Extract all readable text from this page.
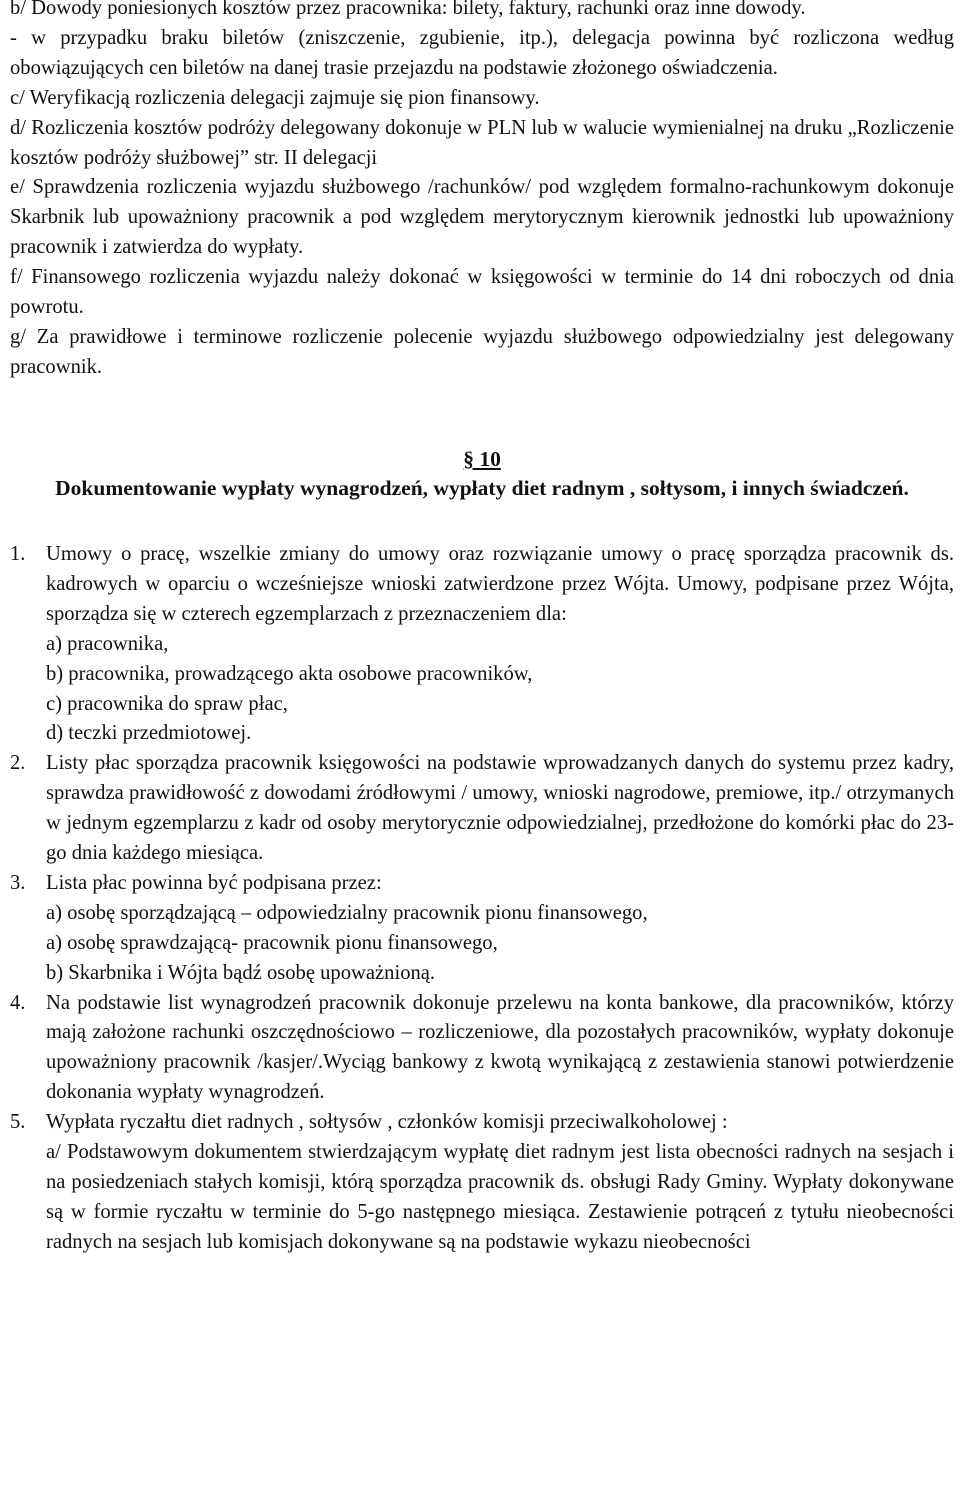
b/ Dowody poniesionych kosztów przez pracownika: bilety, faktury, rachunki oraz inne dowody.

- w przypadku braku biletów (zniszczenie, zgubienie, itp.), delegacja powinna być rozliczona według obowiązujących cen biletów na danej trasie przejazdu na podstawie złożonego oświadczenia.

c/ Weryfikacją rozliczenia delegacji zajmuje się pion finansowy.

d/ Rozliczenia kosztów podróży delegowany dokonuje w PLN lub w walucie wymienialnej na druku „Rozliczenie kosztów podróży służbowej” str. II delegacji

e/ Sprawdzenia rozliczenia wyjazdu służbowego /rachunków/ pod względem formalno-rachunkowym dokonuje Skarbnik lub upoważniony pracownik a pod względem merytorycznym kierownik jednostki lub upoważniony pracownik i zatwierdza do wypłaty.

f/ Finansowego rozliczenia wyjazdu należy dokonać w księgowości w terminie do 14 dni roboczych od dnia powrotu.

g/ Za prawidłowe i terminowe rozliczenie polecenie wyjazdu służbowego odpowiedzialny jest delegowany pracownik.

§ 10

Dokumentowanie wypłaty wynagrodzeń, wypłaty diet radnym , sołtysom, i innych świadczeń.

1. Umowy o pracę, wszelkie zmiany do umowy oraz rozwiązanie umowy o pracę sporządza pracownik ds. kadrowych w oparciu o wcześniejsze wnioski zatwierdzone przez Wójta. Umowy, podpisane przez Wójta, sporządza się w czterech egzemplarzach z przeznaczeniem dla:
a) pracownika,
b) pracownika, prowadzącego akta osobowe pracowników,
c) pracownika do spraw płac,
d) teczki przedmiotowej.
2. Listy płac sporządza pracownik księgowości na podstawie wprowadzanych danych do systemu przez kadry, sprawdza prawidłowość z dowodami źródłowymi / umowy, wnioski nagrodowe, premiowe, itp./ otrzymanych w jednym egzemplarzu z kadr od osoby merytorycznie odpowiedzialnej, przedłożone do komórki płac do 23-go dnia każdego miesiąca.
3. Lista płac powinna być podpisana przez:
a) osobę sporządzającą – odpowiedzialny pracownik pionu finansowego,
a) osobę sprawdzającą- pracownik pionu finansowego,
b) Skarbnika i Wójta bądź osobę upoważnioną.
4. Na podstawie list wynagrodzeń pracownik dokonuje przelewu na konta bankowe, dla pracowników, którzy mają założone rachunki oszczędnościowo – rozliczeniowe, dla pozostałych pracowników, wypłaty dokonuje upoważniony pracownik /kasjer/.Wyciąg bankowy z kwotą wynikającą z zestawienia stanowi potwierdzenie dokonania wypłaty wynagrodzeń.
5. Wypłata ryczałtu diet radnych , sołtysów , członków komisji przeciwalkoholowej :
a/ Podstawowym dokumentem stwierdzającym wypłatę diet radnym jest lista obecności radnych na sesjach i na posiedzeniach stałych komisji, którą sporządza pracownik ds. obsługi Rady Gminy. Wypłaty dokonywane są w formie ryczałtu w terminie do 5-go następnego miesiąca. Zestawienie potrąceń z tytułu nieobecności radnych na sesjach lub komisjach dokonywane są na podstawie wykazu nieobecności
